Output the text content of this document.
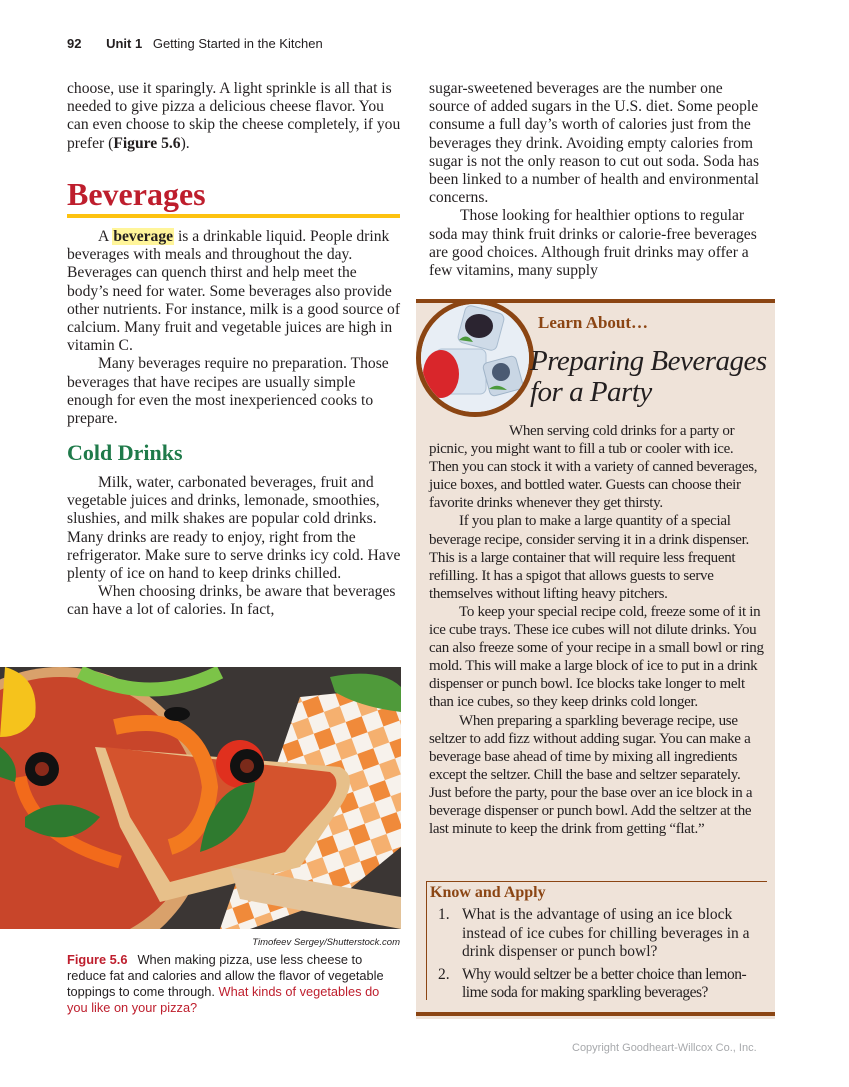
92 Unit 1 Getting Started in the Kitchen

choose, use it sparingly. A light sprinkle is all that is needed to give pizza a delicious cheese flavor. You can even choose to skip the cheese completely, if you prefer (Figure 5.6).

Beverages

A beverage is a drinkable liquid. People drink beverages with meals and throughout the day. Beverages can quench thirst and help meet the body’s need for water. Some beverages also provide other nutrients. For instance, milk is a good source of calcium. Many fruit and vegetable juices are high in vitamin C.

Many beverages require no preparation. Those beverages that have recipes are usually simple enough for even the most inexperienced cooks to prepare.

Cold Drinks

Milk, water, carbonated beverages, fruit and vegetable juices and drinks, lemonade, smoothies, slushies, and milk shakes are popular cold drinks. Many drinks are ready to enjoy, right from the refrigerator. Make sure to serve drinks icy cold. Have plenty of ice on hand to keep drinks chilled.

When choosing drinks, be aware that beverages can have a lot of calories. In fact,

Timofeev Sergey/Shutterstock.com
Figure 5.6 When making pizza, use less cheese to reduce fat and calories and allow the flavor of vegetable toppings to come through. What kinds of vegetables do you like on your pizza?

sugar-sweetened beverages are the number one source of added sugars in the U.S. diet. Some people consume a full day’s worth of calories just from the beverages they drink. Avoiding empty calories from sugar is not the only reason to cut out soda. Soda has been linked to a number of health and environmental concerns.

Those looking for healthier options to regular soda may think fruit drinks or calorie-free beverages are good choices. Although fruit drinks may offer a few vitamins, many supply

Learn About…
Preparing Beverages
for a Party

When serving cold drinks for a party or picnic, you might want to fill a tub or cooler with ice. Then you can stock it with a variety of canned beverages, juice boxes, and bottled water. Guests can choose their favorite drinks whenever they get thirsty.

If you plan to make a large quantity of a special beverage recipe, consider serving it in a drink dispenser. This is a large container that will require less frequent refilling. It has a spigot that allows guests to serve themselves without lifting heavy pitchers.

To keep your special recipe cold, freeze some of it in ice cube trays. These ice cubes will not dilute drinks. You can also freeze some of your recipe in a small bowl or ring mold. This will make a large block of ice to put in a drink dispenser or punch bowl. Ice blocks take longer to melt than ice cubes, so they keep drinks cold longer.

When preparing a sparkling beverage recipe, use seltzer to add fizz without adding sugar. You can make a beverage base ahead of time by mixing all ingredients except the seltzer. Chill the base and seltzer separately. Just before the party, pour the base over an ice block in a beverage dispenser or punch bowl. Add the seltzer at the last minute to keep the drink from getting “flat.”

Know and Apply
1. What is the advantage of using an ice block instead of ice cubes for chilling beverages in a drink dispenser or punch bowl?
2. Why would seltzer be a better choice than lemon-lime soda for making sparkling beverages?
Copyright Goodheart-Willcox Co., Inc.
